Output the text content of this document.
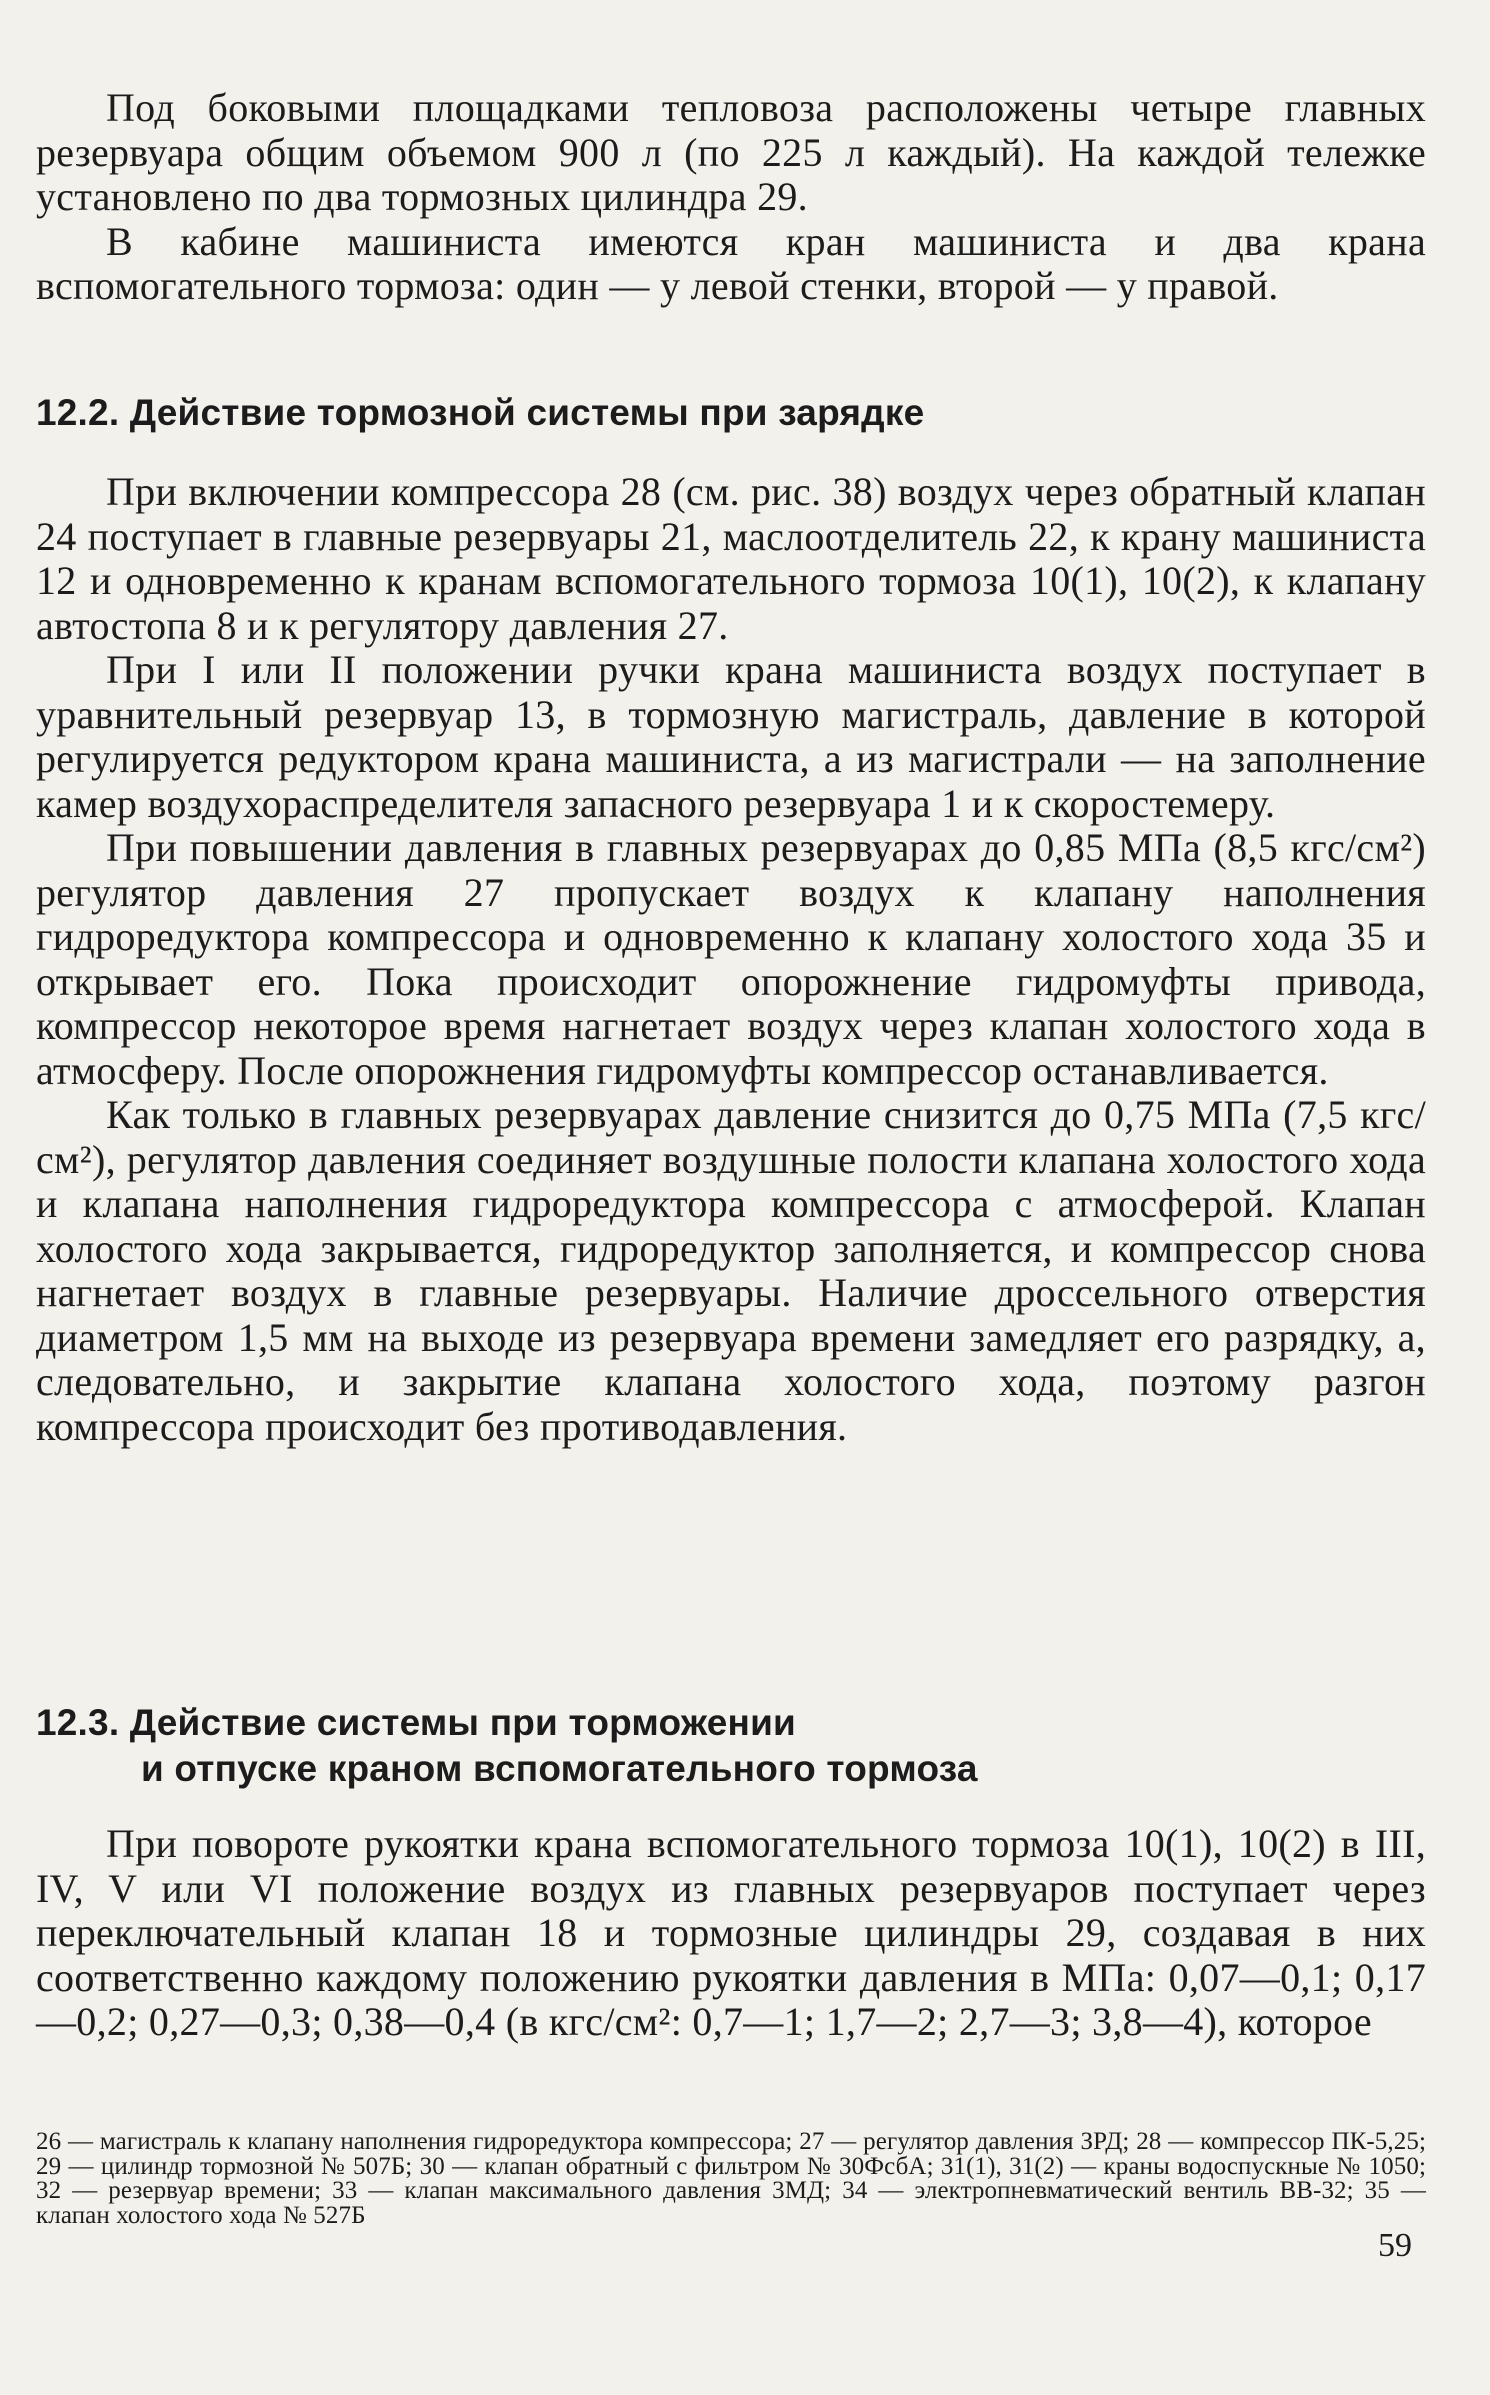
Под боковыми площадками тепловоза расположены четыре главных резервуара общим объемом 900 л (по 225 л каждый). На каждой тележке установлено по два тормозных цилиндра 29.

В кабине машиниста имеются кран машиниста и два крана вспомогательного тормоза: один — у левой стенки, второй — у правой.

12.2. Действие тормозной системы при зарядке

При включении компрессора 28 (см. рис. 38) воздух через обратный клапан 24 поступает в главные резервуары 21, маслоотделитель 22, к крану машиниста 12 и одновременно к кранам вспомогательного тормоза 10(1), 10(2), к клапану автостопа 8 и к регулятору давления 27.

При I или II положении ручки крана машиниста воздух поступает в уравнительный резервуар 13, в тормозную магистраль, давление в которой регулируется редуктором крана машиниста, а из магистрали — на заполнение камер воздухораспределителя запасного резервуара 1 и к скоростемеру.

При повышении давления в главных резервуарах до 0,85 МПа (8,5 кгс/см²) регулятор давления 27 пропускает воздух к клапану наполнения гидроредуктора компрессора и одновременно к клапану холостого хода 35 и открывает его. Пока происходит опорожнение гидромуфты привода, компрессор некоторое время нагнетает воздух через клапан холостого хода в атмосферу. После опорожнения гидромуфты компрессор останавливается.

Как только в главных резервуарах давление снизится до 0,75 МПа (7,5 кгс/см²), регулятор давления соединяет воздушные полости клапана холостого хода и клапана наполнения гидроредуктора компрессора с атмосферой. Клапан холостого хода закрывается, гидроредуктор заполняется, и компрессор снова нагнетает воздух в главные резервуары. Наличие дроссельного отверстия диаметром 1,5 мм на выходе из резервуара времени замедляет его разрядку, а, следовательно, и закрытие клапана холостого хода, поэтому разгон компрессора происходит без противодавления.

12.3. Действие системы при торможении
и отпуске краном вспомогательного тормоза

При повороте рукоятки крана вспомогательного тормоза 10(1), 10(2) в III, IV, V или VI положение воздух из главных резервуаров поступает через переключательный клапан 18 и тормозные цилиндры 29, создавая в них соответственно каждому положению рукоятки давления в МПа: 0,07—0,1; 0,17—0,2; 0,27—0,3; 0,38—0,4 (в кгс/см²: 0,7—1; 1,7—2; 2,7—3; 3,8—4), которое

26 — магистраль к клапану наполнения гидроредуктора компрессора; 27 — регулятор давления ЗРД; 28 — компрессор ПК-5,25; 29 — цилиндр тормозной № 507Б; 30 — клапан обратный с фильтром № 30ФсбА; 31(1), 31(2) — краны водоспускные № 1050; 32 — резервуар времени; 33 — клапан максимального давления 3МД; 34 — электропневматический вентиль ВВ-32; 35 — клапан холостого хода № 527Б

59
